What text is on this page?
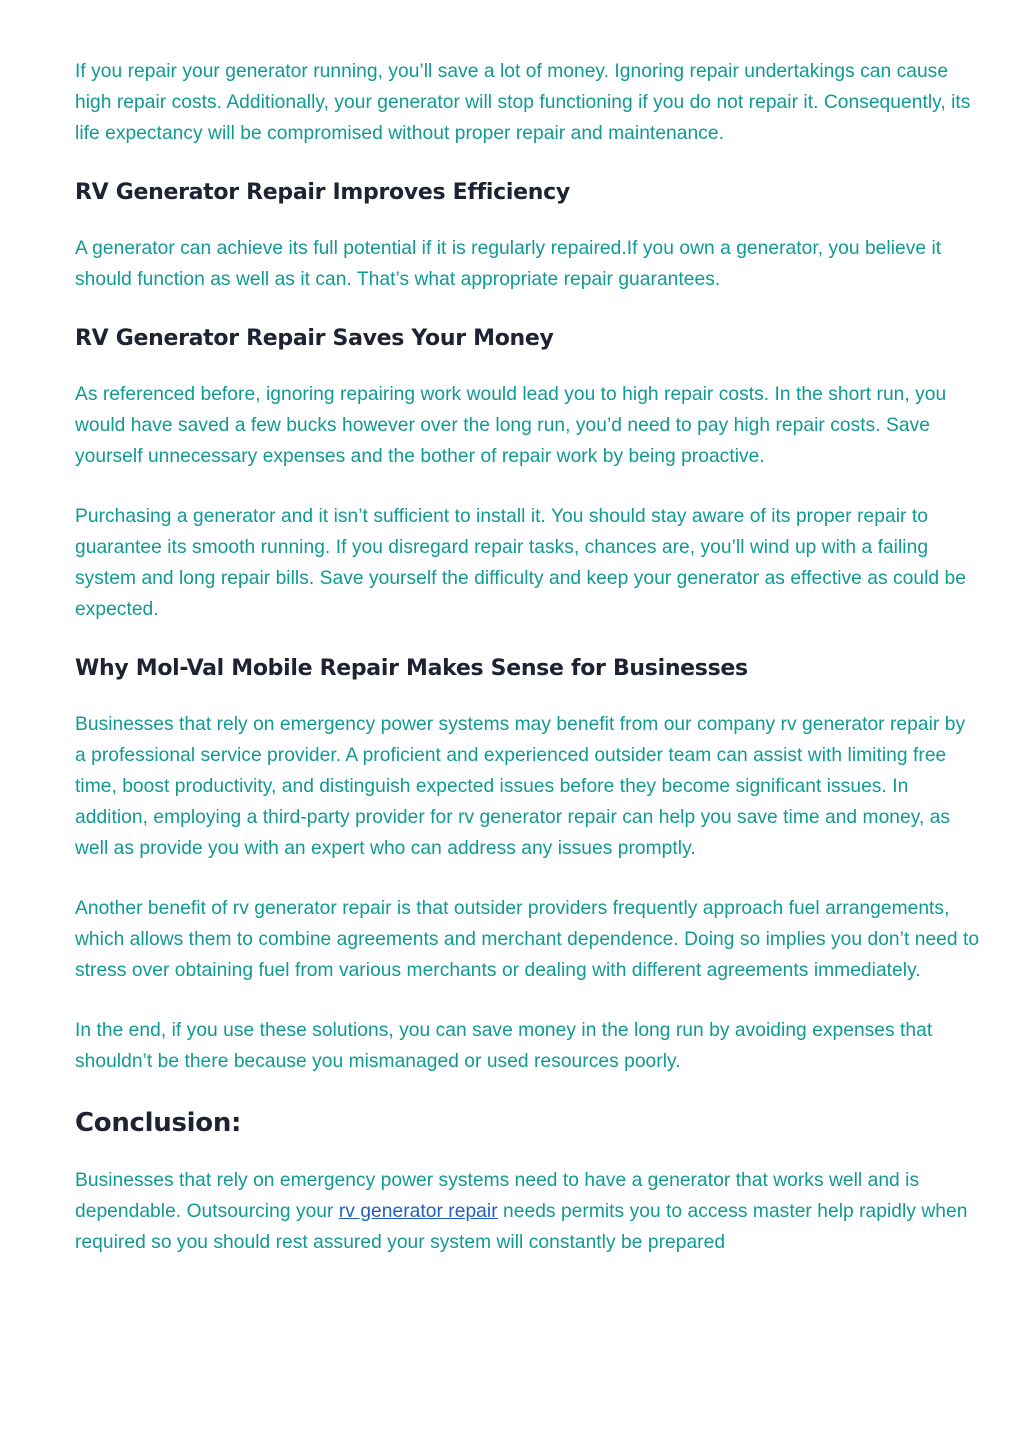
If you repair your generator running, you’ll save a lot of money. Ignoring repair undertakings can cause high repair costs. Additionally, your generator will stop functioning if you do not repair it. Consequently, its life expectancy will be compromised without proper repair and maintenance.

RV Generator Repair Improves Efficiency

A generator can achieve its full potential if it is regularly repaired.If you own a generator, you believe it should function as well as it can. That’s what appropriate repair guarantees.

RV Generator Repair Saves Your Money

As referenced before, ignoring repairing work would lead you to high repair costs. In the short run, you would have saved a few bucks however over the long run, you’d need to pay high repair costs. Save yourself unnecessary expenses and the bother of repair work by being proactive.

Purchasing a generator and it isn’t sufficient to install it. You should stay aware of its proper repair to guarantee its smooth running. If you disregard repair tasks, chances are, you’ll wind up with a failing system and long repair bills. Save yourself the difficulty and keep your generator as effective as could be expected.

Why Mol-Val Mobile Repair Makes Sense for Businesses

Businesses that rely on emergency power systems may benefit from our company rv generator repair by a professional service provider. A proficient and experienced outsider team can assist with limiting free time, boost productivity, and distinguish expected issues before they become significant issues. In addition, employing a third-party provider for rv generator repair can help you save time and money, as well as provide you with an expert who can address any issues promptly.

Another benefit of rv generator repair is that outsider providers frequently approach fuel arrangements, which allows them to combine agreements and merchant dependence. Doing so implies you don’t need to stress over obtaining fuel from various merchants or dealing with different agreements immediately.

In the end, if you use these solutions, you can save money in the long run by avoiding expenses that shouldn’t be there because you mismanaged or used resources poorly.

Conclusion:

Businesses that rely on emergency power systems need to have a generator that works well and is dependable. Outsourcing your rv generator repair needs permits you to access master help rapidly when required so you should rest assured your system will constantly be prepared
